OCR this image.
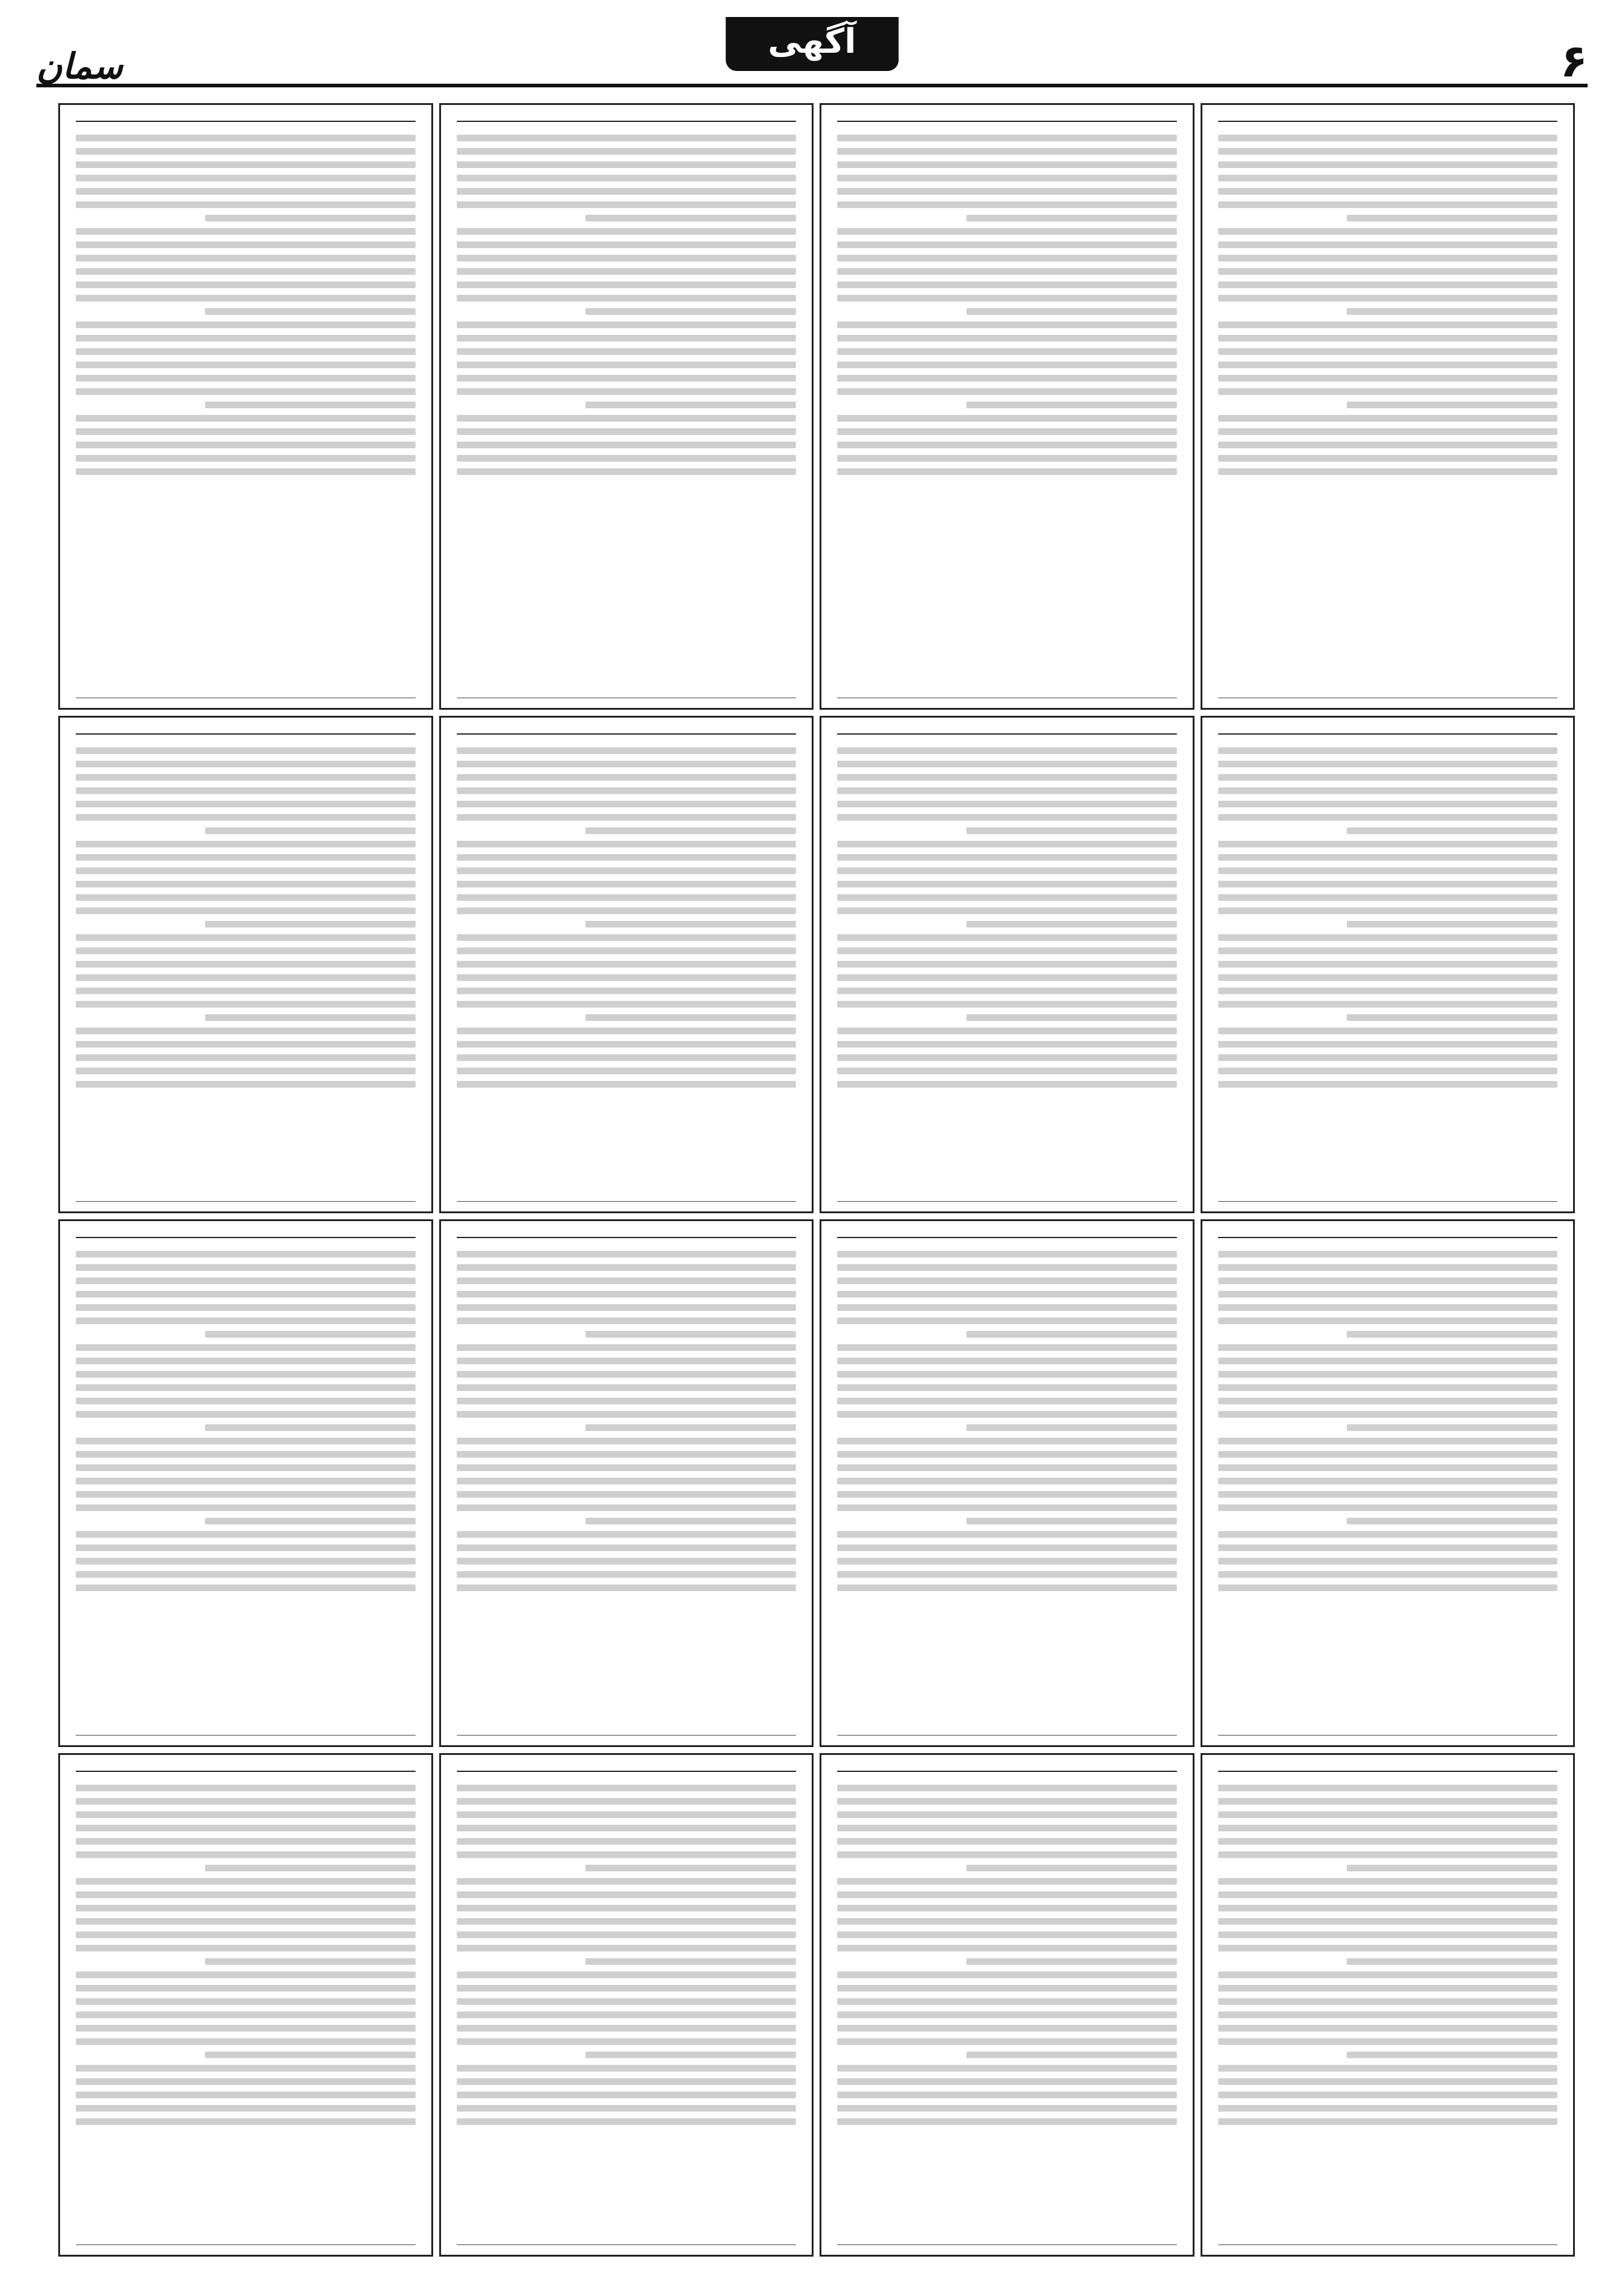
۶
آگهی
سمان
